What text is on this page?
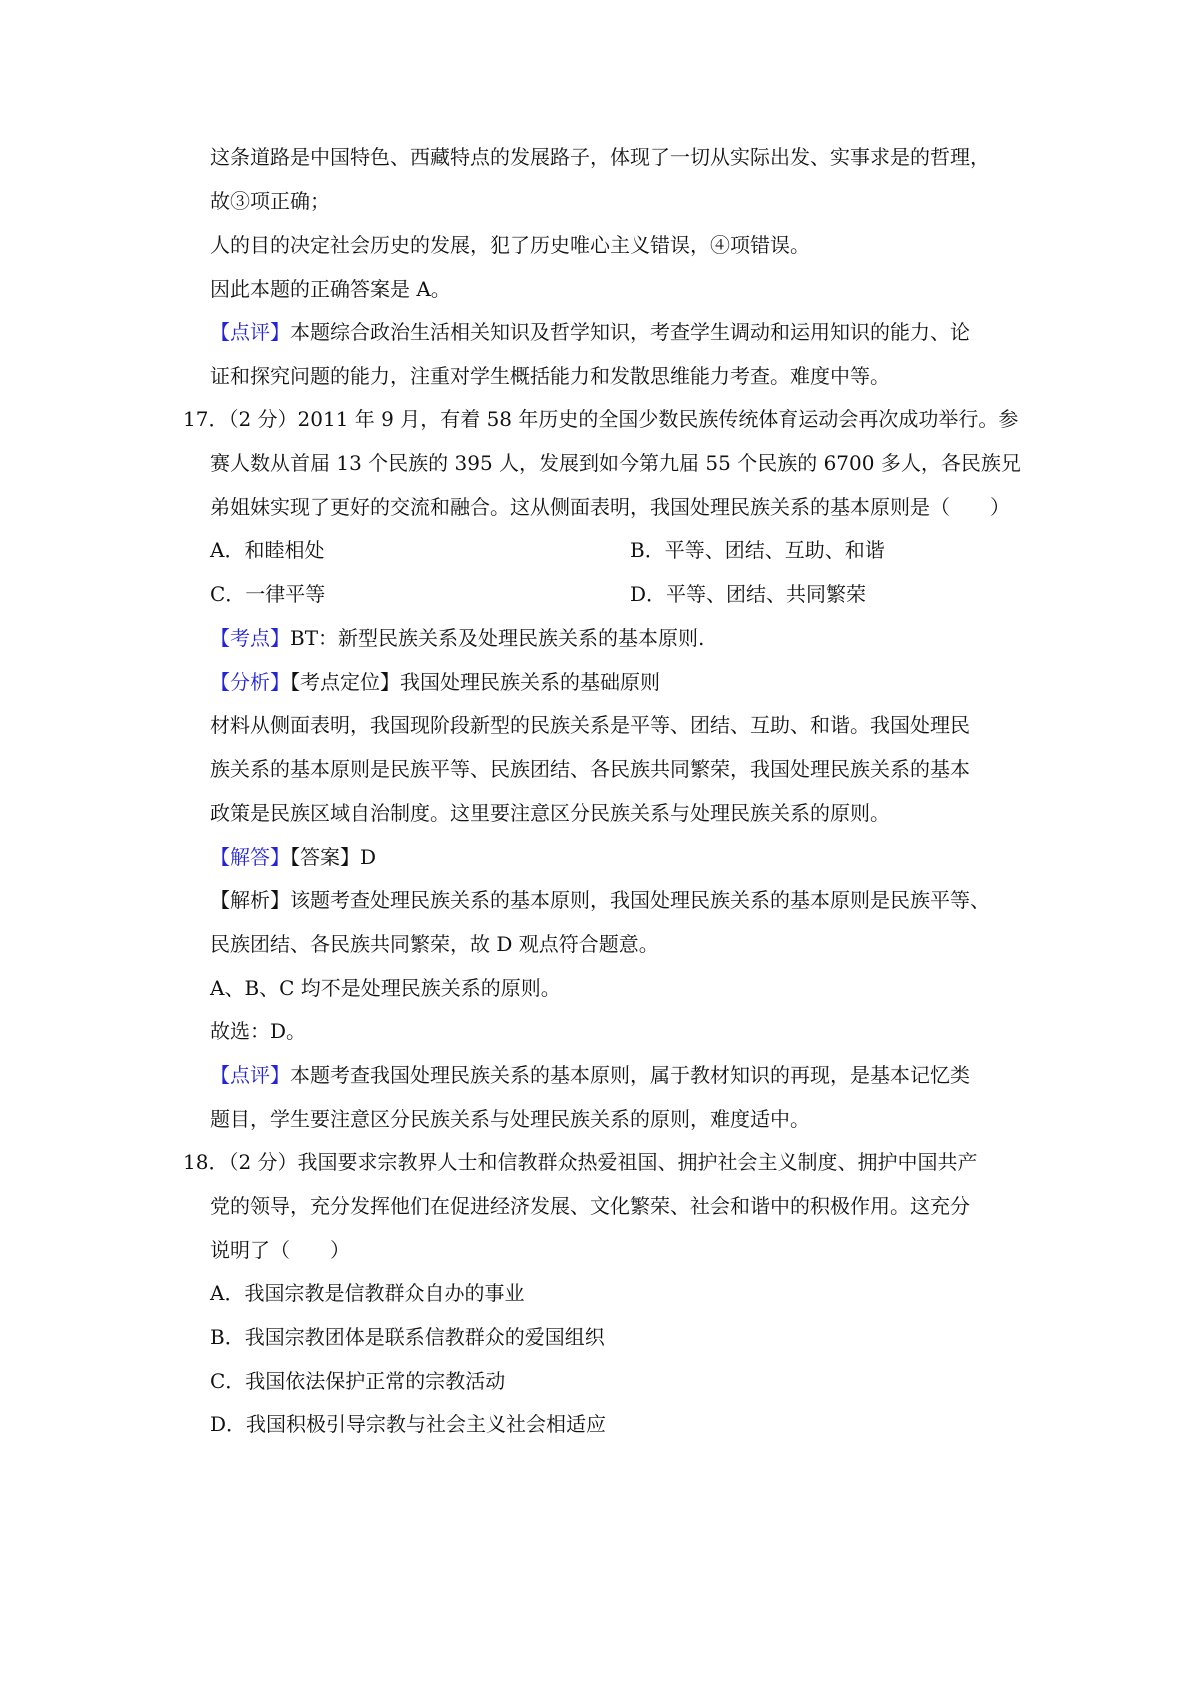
这条道路是中国特色、西藏特点的发展路子，体现了一切从实际出发、实事求是的哲理，
故③项正确；
人的目的决定社会历史的发展，犯了历史唯心主义错误，④项错误。
因此本题的正确答案是 A。
【点评】本题综合政治生活相关知识及哲学知识，考查学生调动和运用知识的能力、论
证和探究问题的能力，注重对学生概括能力和发散思维能力考查。难度中等。
17．（2 分）2011 年 9 月，有着 58 年历史的全国少数民族传统体育运动会再次成功举行。参
赛人数从首届 13 个民族的 395 人，发展到如今第九届 55 个民族的 6700 多人，各民族兄
弟姐妹实现了更好的交流和融合。这从侧面表明，我国处理民族关系的基本原则是（　　）
A．和睦相处	B．平等、团结、互助、和谐
C．一律平等	D．平等、团结、共同繁荣
【考点】BT：新型民族关系及处理民族关系的基本原则.
【分析】【考点定位】我国处理民族关系的基础原则
材料从侧面表明，我国现阶段新型的民族关系是平等、团结、互助、和谐。我国处理民
族关系的基本原则是民族平等、民族团结、各民族共同繁荣，我国处理民族关系的基本
政策是民族区域自治制度。这里要注意区分民族关系与处理民族关系的原则。
【解答】【答案】D
【解析】该题考查处理民族关系的基本原则，我国处理民族关系的基本原则是民族平等、
民族团结、各民族共同繁荣，故 D 观点符合题意。
A、B、C 均不是处理民族关系的原则。
故选：D。
【点评】本题考查我国处理民族关系的基本原则，属于教材知识的再现，是基本记忆类
题目，学生要注意区分民族关系与处理民族关系的原则，难度适中。
18．（2 分）我国要求宗教界人士和信教群众热爱祖国、拥护社会主义制度、拥护中国共产
党的领导，充分发挥他们在促进经济发展、文化繁荣、社会和谐中的积极作用。这充分
说明了（　　）
A．我国宗教是信教群众自办的事业
B．我国宗教团体是联系信教群众的爱国组织
C．我国依法保护正常的宗教活动
D．我国积极引导宗教与社会主义社会相适应
